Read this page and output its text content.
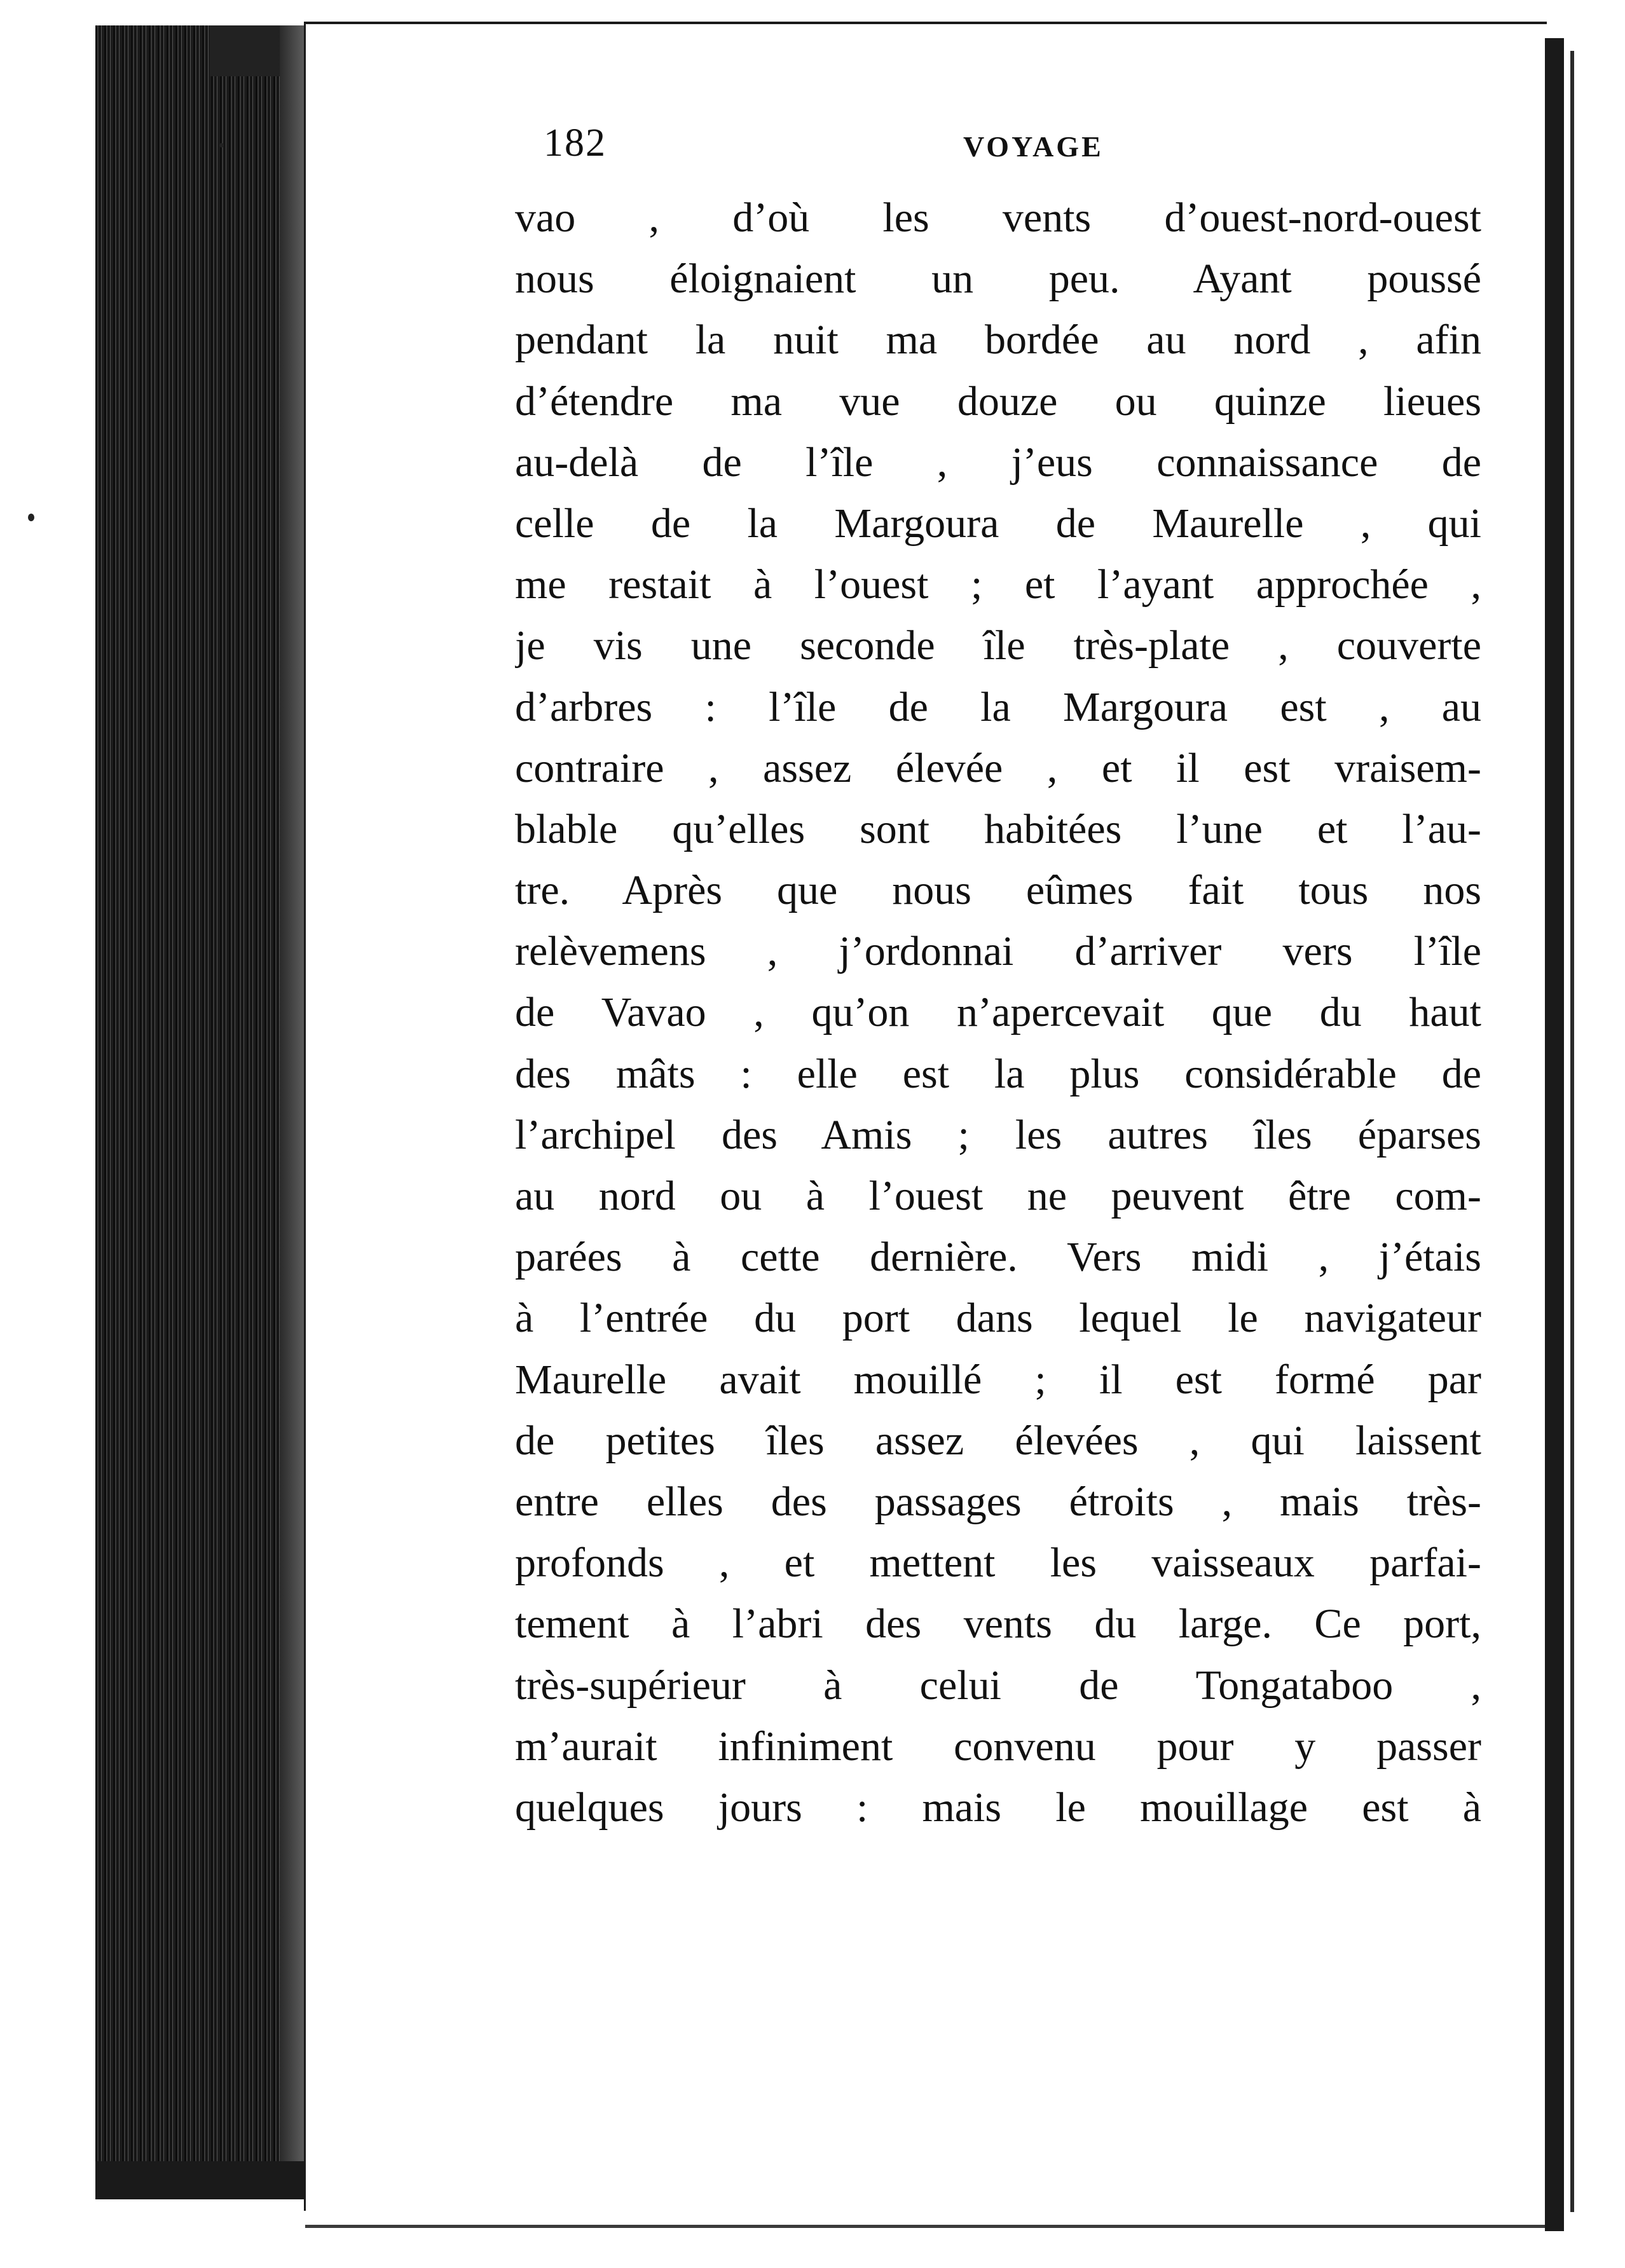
182	VOYAGE
vao , d’où les vents d’ouest-nord-ouest
nous éloignaient un peu. Ayant poussé
pendant la nuit ma bordée au nord , afin
d’étendre ma vue douze ou quinze lieues
au-delà de l’île , j’eus connaissance de
celle de la Margoura de Maurelle , qui
me restait à l’ouest ; et l’ayant approchée ,
je vis une seconde île très-plate , couverte
d’arbres : l’île de la Margoura est , au
contraire , assez élevée , et il est vraisem-
blable qu’elles sont habitées l’une et l’au-
tre. Après que nous eûmes fait tous nos
relèvemens , j’ordonnai d’arriver vers l’île
de Vavao , qu’on n’apercevait que du haut
des mâts : elle est la plus considérable de
l’archipel des Amis ; les autres îles éparses
au nord ou à l’ouest ne peuvent être com-
parées à cette dernière. Vers midi , j’étais
à l’entrée du port dans lequel le navigateur
Maurelle avait mouillé ; il est formé par
de petites îles assez élevées , qui laissent
entre elles des passages étroits , mais très-
profonds , et mettent les vaisseaux parfai-
tement à l’abri des vents du large. Ce port,
très-supérieur à celui de Tongataboo ,
m’aurait infiniment convenu pour y passer
quelques jours : mais le mouillage est à
